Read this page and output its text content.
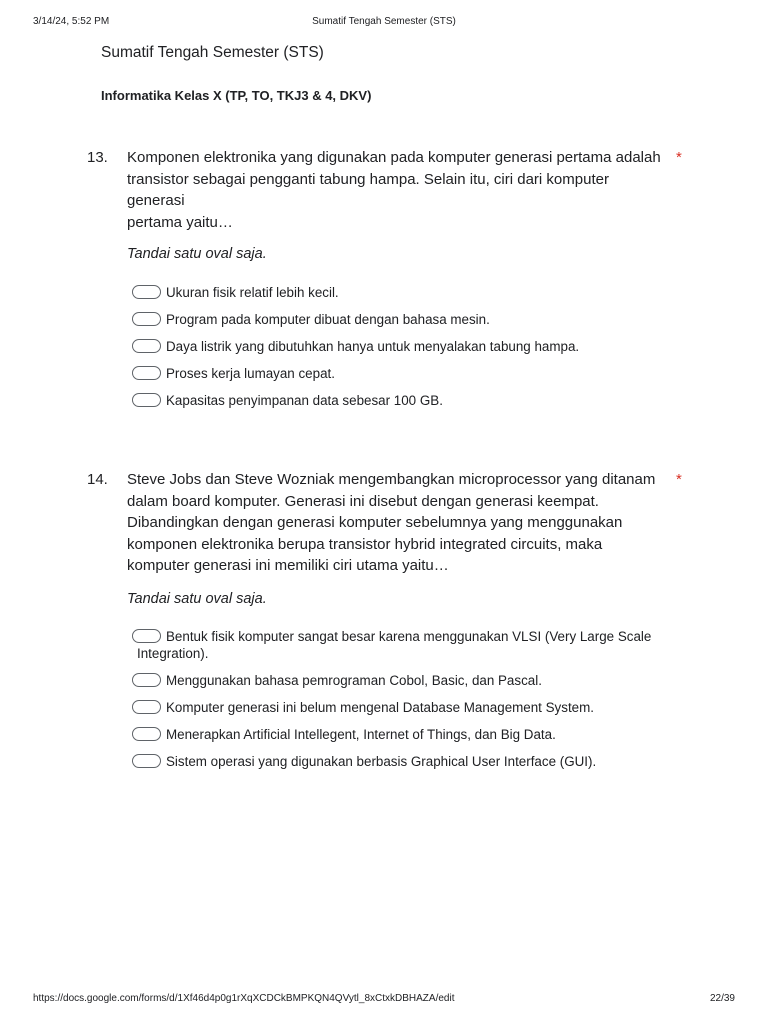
3/14/24, 5:52 PM	Sumatif Tengah Semester (STS)
Sumatif Tengah Semester (STS)
Informatika Kelas X (TP, TO, TKJ3 & 4, DKV)
13. Komponen elektronika yang digunakan pada komputer generasi pertama adalah
transistor sebagai pengganti tabung hampa. Selain itu, ciri dari komputer
generasi
pertama yaitu…
*
Tandai satu oval saja.
Ukuran fisik relatif lebih kecil.
Program pada komputer dibuat dengan bahasa mesin.
Daya listrik yang dibutuhkan hanya untuk menyalakan tabung hampa.
Proses kerja lumayan cepat.
Kapasitas penyimpanan data sebesar 100 GB.
14. Steve Jobs dan Steve Wozniak mengembangkan microprocessor yang ditanam
dalam board komputer. Generasi ini disebut dengan generasi keempat.
Dibandingkan dengan generasi komputer sebelumnya yang menggunakan
komponen elektronika berupa transistor hybrid integrated circuits, maka
komputer generasi ini memiliki ciri utama yaitu…
*
Tandai satu oval saja.
Bentuk fisik komputer sangat besar karena menggunakan VLSI (Very Large Scale Integration).
Menggunakan bahasa pemrograman Cobol, Basic, dan Pascal.
Komputer generasi ini belum mengenal Database Management System.
Menerapkan Artificial Intellegent, Internet of Things, dan Big Data.
Sistem operasi yang digunakan berbasis Graphical User Interface (GUI).
https://docs.google.com/forms/d/1Xf46d4p0g1rXqXCDCkBMPKQN4QVytl_8xCtxkDBHAZA/edit	22/39
